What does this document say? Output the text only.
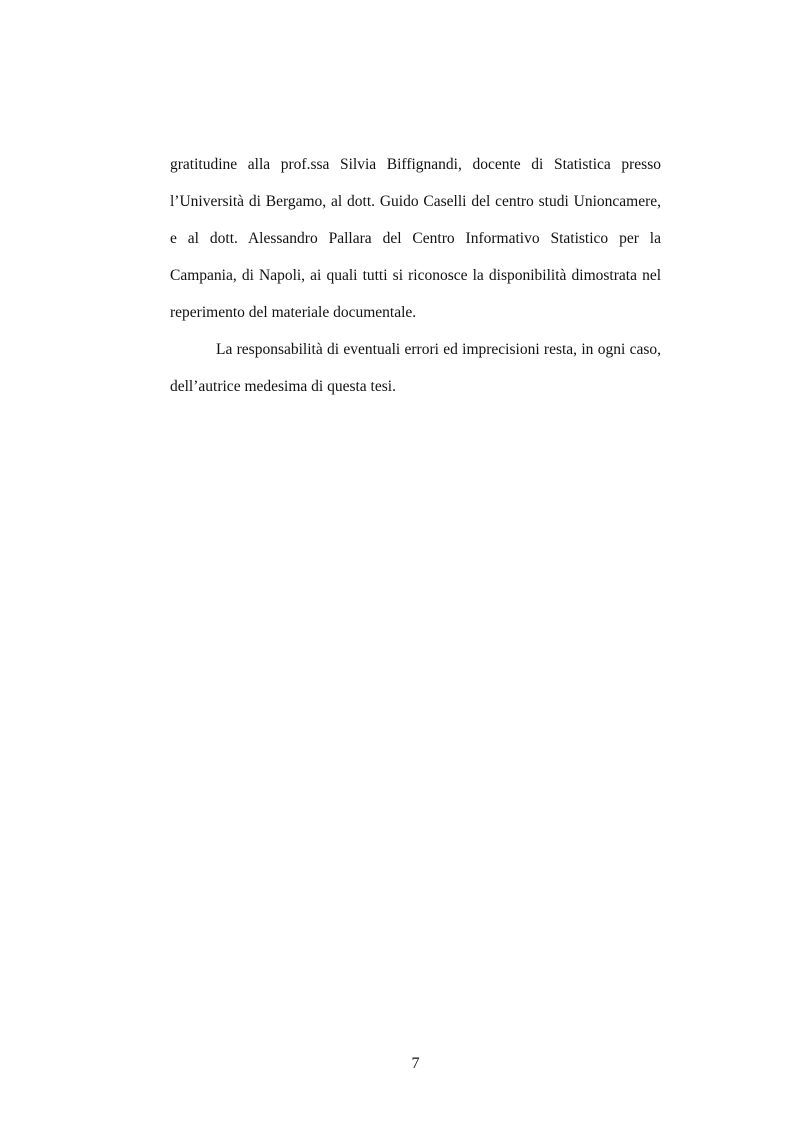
gratitudine alla prof.ssa Silvia Biffignandi, docente di Statistica presso l’Università di Bergamo, al dott. Guido Caselli del centro studi Unioncamere, e al dott. Alessandro Pallara del Centro Informativo Statistico per la Campania, di Napoli, ai quali tutti si riconosce la disponibilità dimostrata nel reperimento del materiale documentale.

La responsabilità di eventuali errori ed imprecisioni resta, in ogni caso, dell’autrice medesima di questa tesi.

7
